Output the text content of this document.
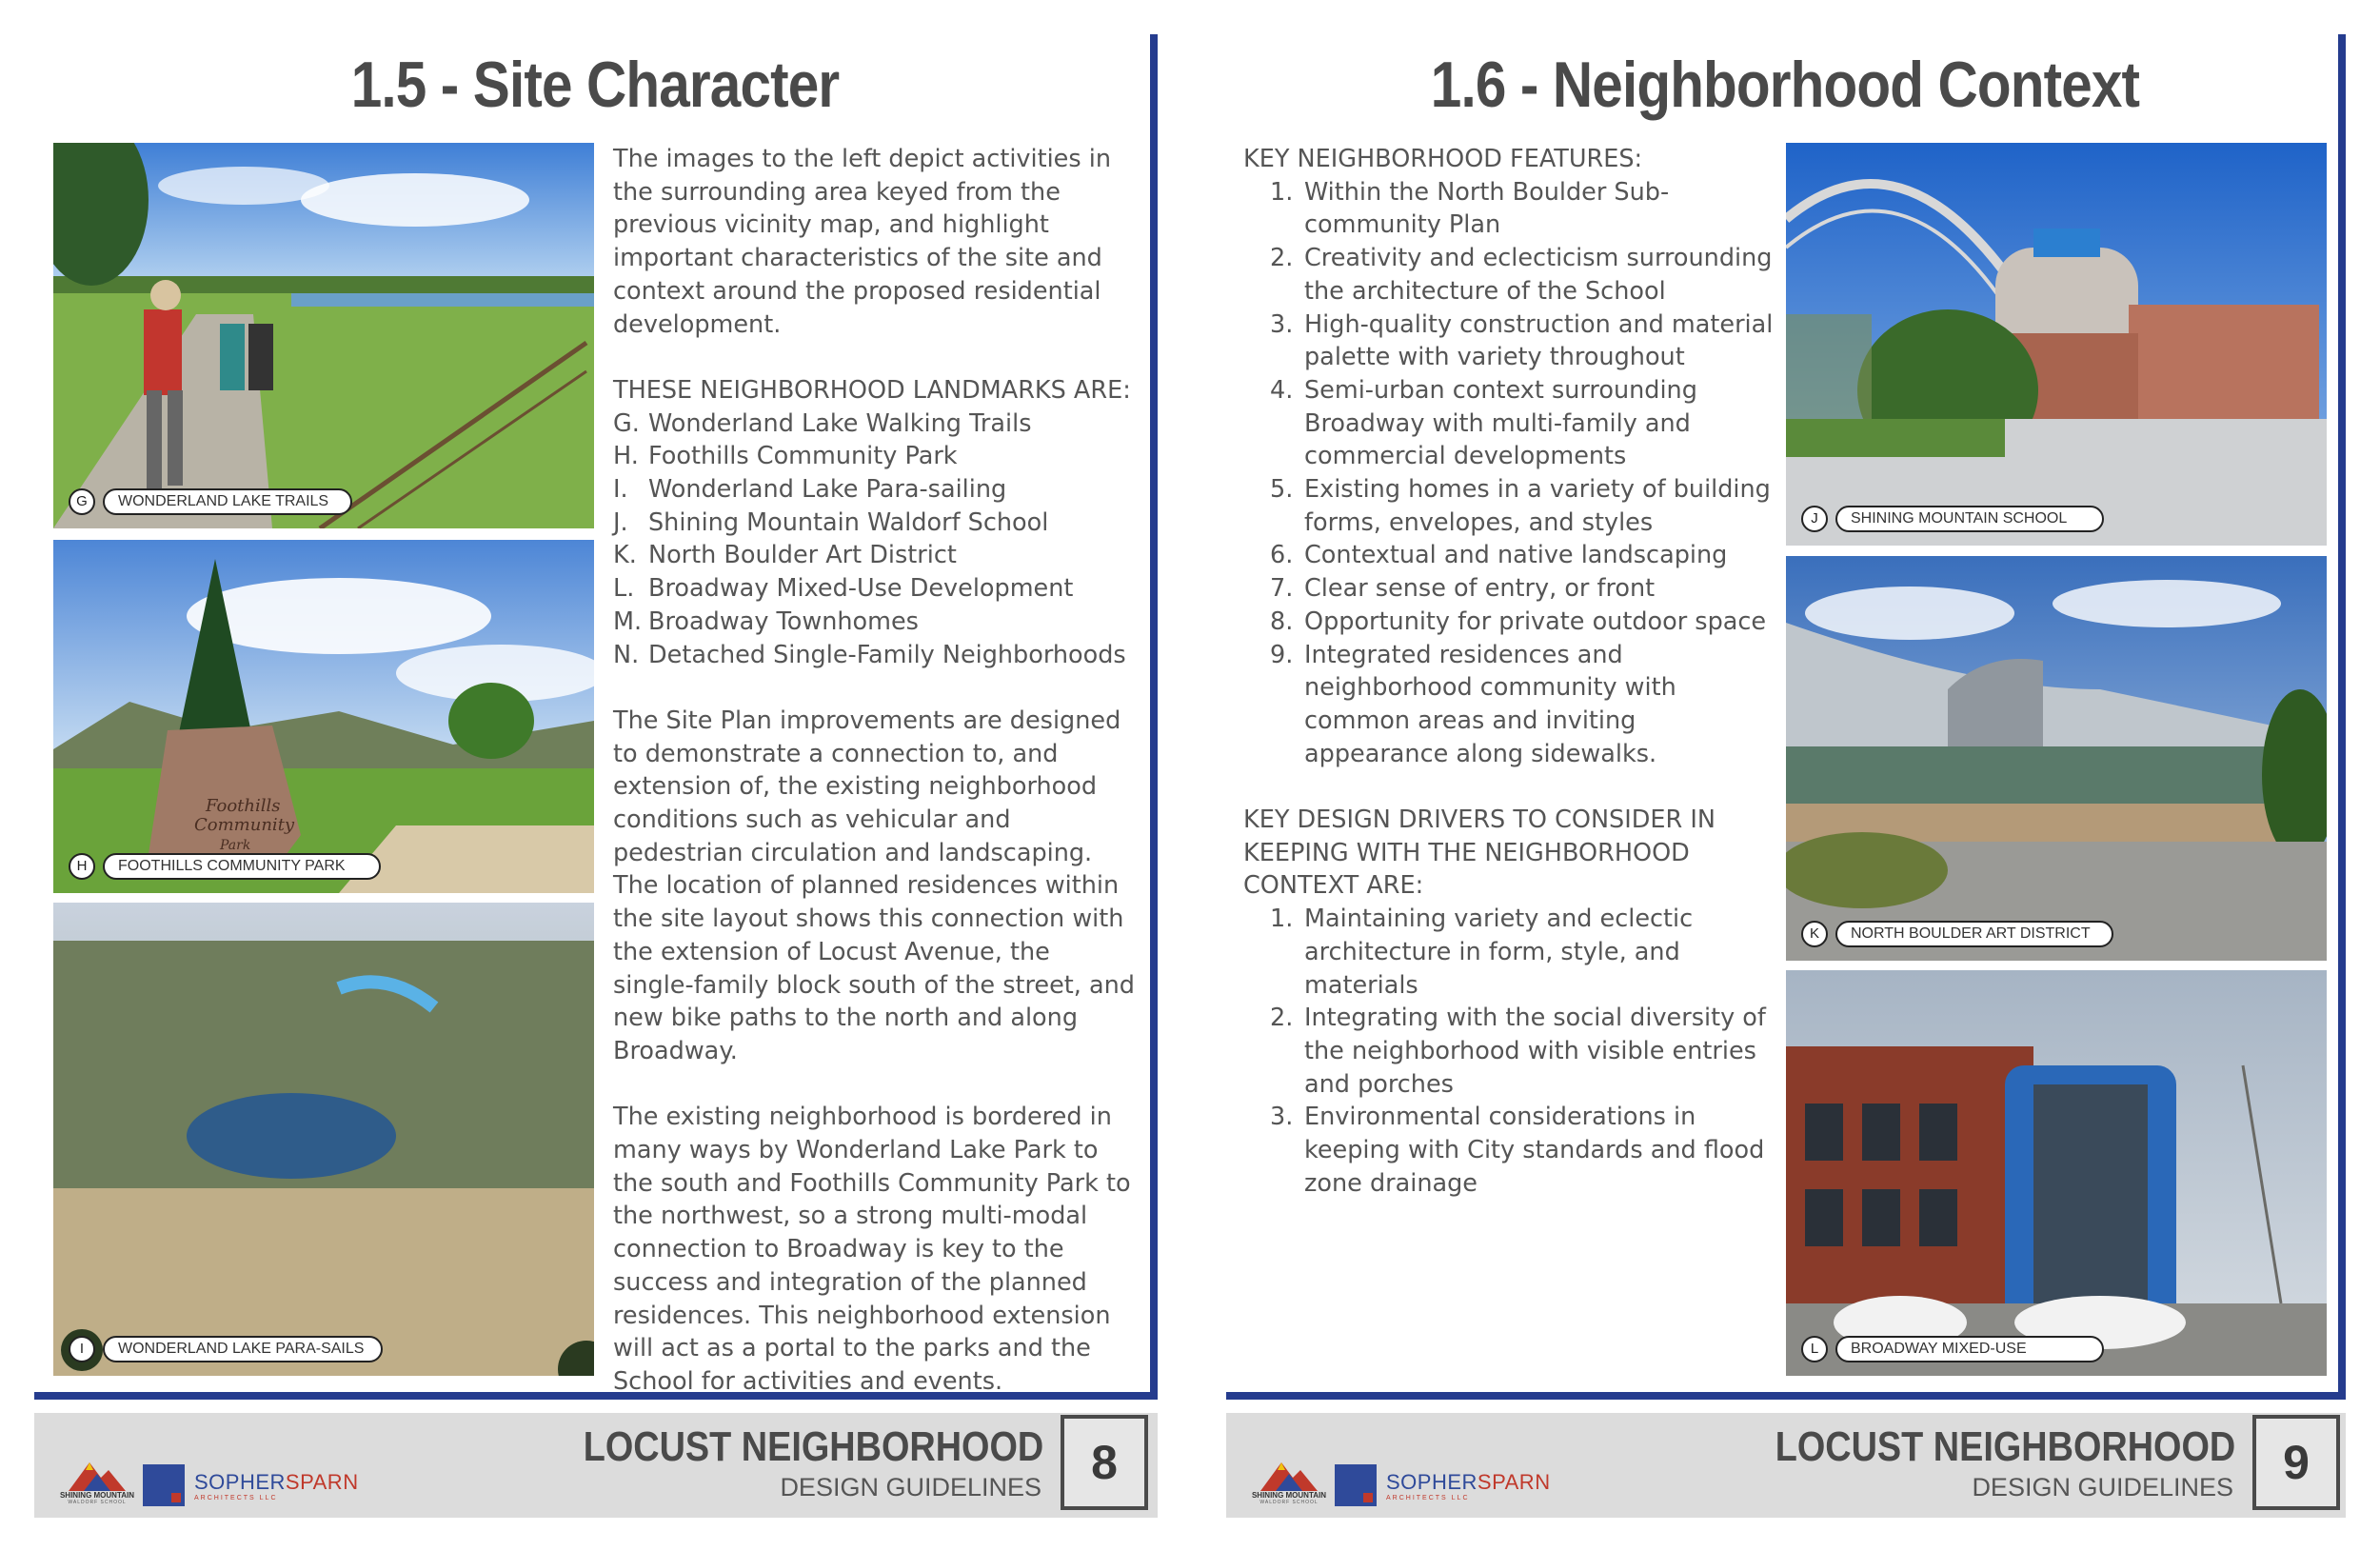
1.5 - Site Character
G	WONDERLAND LAKE TRAILS
Foothills
Community
Park
H	FOOTHILLS COMMUNITY PARK
I	WONDERLAND LAKE PARA-SAILS

The images to the left depict activities in the surrounding area keyed from the previous vicinity map, and highlight important characteristics of the site and context around the proposed residential development.

THESE NEIGHBORHOOD LANDMARKS ARE:

G. Wonderland Lake Walking Trails
H. Foothills Community Park
I. Wonderland Lake Para-sailing
J. Shining Mountain Waldorf School
K. North Boulder Art District
L. Broadway Mixed-Use Development
M. Broadway Townhomes
N. Detached Single-Family Neighborhoods

The Site Plan improvements are designed to demonstrate a connection to, and extension of, the existing neighborhood conditions such as vehicular and pedestrian circulation and landscaping. The location of planned residences within the site layout shows this connection with the extension of Locust Avenue, the single-family block south of the street, and new bike paths to the north and along Broadway.

The existing neighborhood is bordered in many ways by Wonderland Lake Park to the south and Foothills Community Park to the northwest, so a strong multi-modal connection to Broadway is key to the success and integration of the planned residences. This neighborhood extension will act as a portal to the parks and the School for activities and events.

SHINING MOUNTAIN
WALDORF SCHOOL
SOPHERSPARN
ARCHITECTS LLC
LOCUST NEIGHBORHOOD
DESIGN GUIDELINES	8
1.6 - Neighborhood Context

KEY NEIGHBORHOOD FEATURES:

1. Within the North Boulder Sub-community Plan
2. Creativity and eclecticism surrounding the architecture of the School
3. High-quality construction and material palette with variety throughout
4. Semi-urban context surrounding Broadway with multi-family and commercial developments
5. Existing homes in a variety of building forms, envelopes, and styles
6. Contextual and native landscaping
7. Clear sense of entry, or front
8. Opportunity for private outdoor space
9. Integrated residences and neighborhood community with common areas and inviting appearance along sidewalks.

KEY DESIGN DRIVERS TO CONSIDER IN KEEPING WITH THE NEIGHBORHOOD CONTEXT ARE:

1. Maintaining variety and eclectic architecture in form, style, and materials
2. Integrating with the social diversity of the neighborhood with visible entries and porches
3. Environmental considerations in keeping with City standards and flood zone drainage
J	SHINING MOUNTAIN SCHOOL
K	NORTH BOULDER ART DISTRICT
L	BROADWAY MIXED-USE
SHINING MOUNTAIN
WALDORF SCHOOL
SOPHERSPARN
ARCHITECTS LLC
LOCUST NEIGHBORHOOD
DESIGN GUIDELINES	9
